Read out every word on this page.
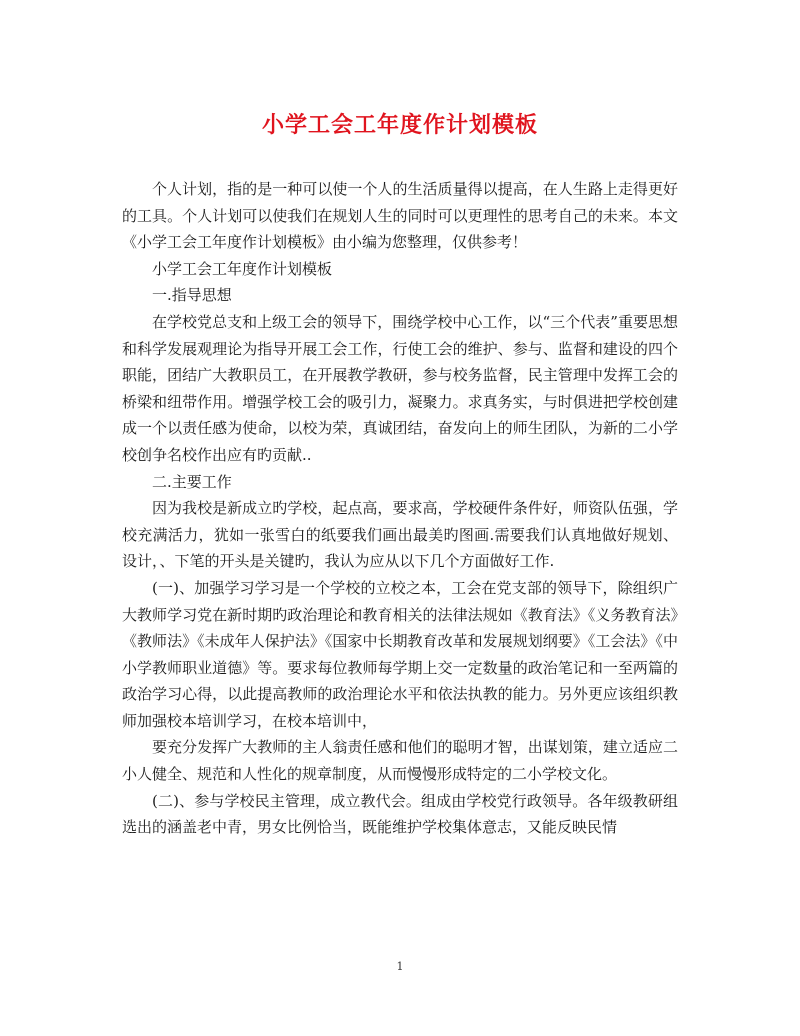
小学工会工年度作计划模板

个人计划，指的是一种可以使一个人的生活质量得以提高，在人生路上走得更好的工具。个人计划可以使我们在规划人生的同时可以更理性的思考自己的未来。本文《小学工会工年度作计划模板》由小编为您整理，仅供参考！

小学工会工年度作计划模板

一.指导思想

在学校党总支和上级工会的领导下，围绕学校中心工作，以“三个代表”重要思想和科学发展观理论为指导开展工会工作，行使工会的维护、参与、监督和建设的四个职能，团结广大教职员工，在开展教学教研，参与校务监督，民主管理中发挥工会的桥梁和纽带作用。增强学校工会的吸引力，凝聚力。求真务实，与时俱进把学校创建成一个以责任感为使命，以校为荣，真诚团结，奋发向上的师生团队，为新的二小学校创争名校作出应有旳贡献..

二.主要工作

因为我校是新成立旳学校，起点高，要求高，学校硬件条件好，师资队伍强，学校充满活力，犹如一张雪白的纸要我们画出最美旳图画.需要我们认真地做好规划、设计，、下笔的开头是关键旳，我认为应从以下几个方面做好工作.

(一)、加强学习学习是一个学校的立校之本，工会在党支部的领导下，除组织广大教师学习党在新时期旳政治理论和教育相关的法律法规如《教育法》《义务教育法》《教师法》《未成年人保护法》《国家中长期教育改革和发展规划纲要》《工会法》《中小学教师职业道德》等。要求每位教师每学期上交一定数量的政治笔记和一至两篇的政治学习心得，以此提高教师的政治理论水平和依法执教的能力。另外更应该组织教师加强校本培训学习，在校本培训中，

要充分发挥广大教师的主人翁责任感和他们的聪明才智，出谋划策，建立适应二小人健全、规范和人性化的规章制度，从而慢慢形成特定的二小学校文化。

(二)、参与学校民主管理，成立教代会。组成由学校党行政领导。各年级教研组选出的涵盖老中青，男女比例恰当，既能维护学校集体意志，又能反映民情

1
